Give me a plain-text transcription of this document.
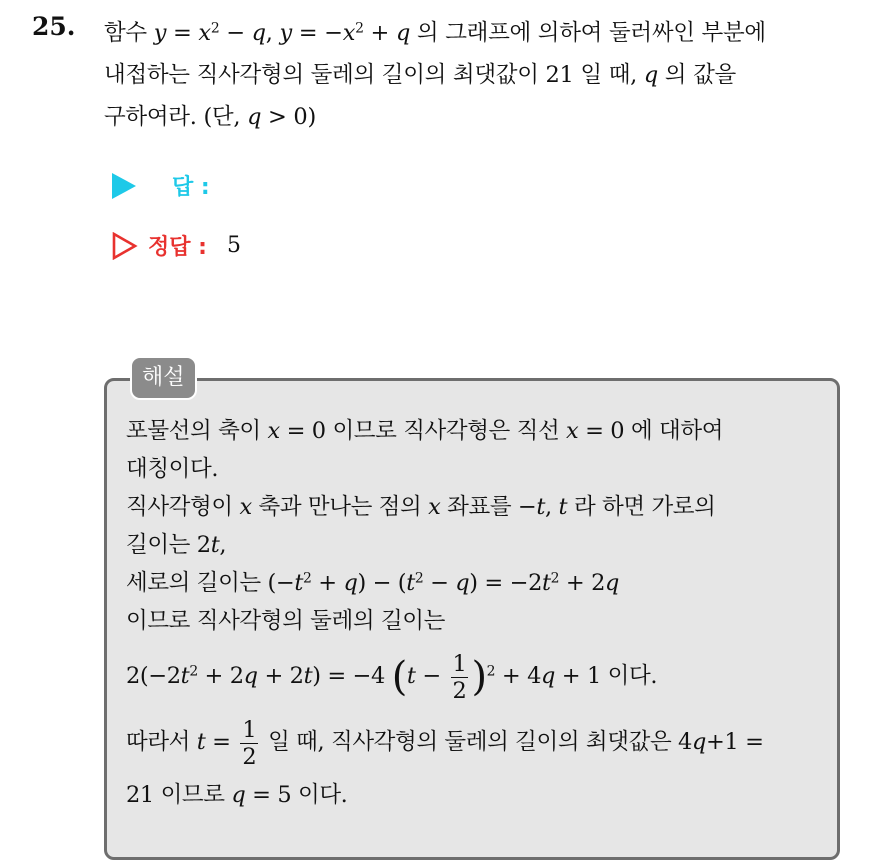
25. 함수 $y = x^2 - q$, $y = -x^2 + q$ 의 그래프에 의하여 둘러싸인 부분에
내접하는 직사각형의 둘레의 길이의 최댓값이 21 일 때, q 의 값을
구하여라. (단, q > 0)
답 :
정답 : 5
해설
포물선의 축이 x = 0 이므로 직사각형은 직선 x = 0 에 대하여
대칭이다.
직사각형이 x 축과 만나는 점의 x 좌표를 −t, t 라 하면 가로의
길이는 2t,
세로의 길이는 $(-t^2 + q) - (t^2 - q) = -2t^2 + 2q$
이므로 직사각형의 둘레의 길이는
$2(-2t^2 + 2q + 2t) = -4$ $(t - \frac{1}{2} )^2 + 4q + 1$ 이다.
따라서 $t = \frac{1}{2}$ 일 때, 직사각형의 둘레의 길이의 최댓값은 4q+1 =
21 이므로 q = 5 이다.
